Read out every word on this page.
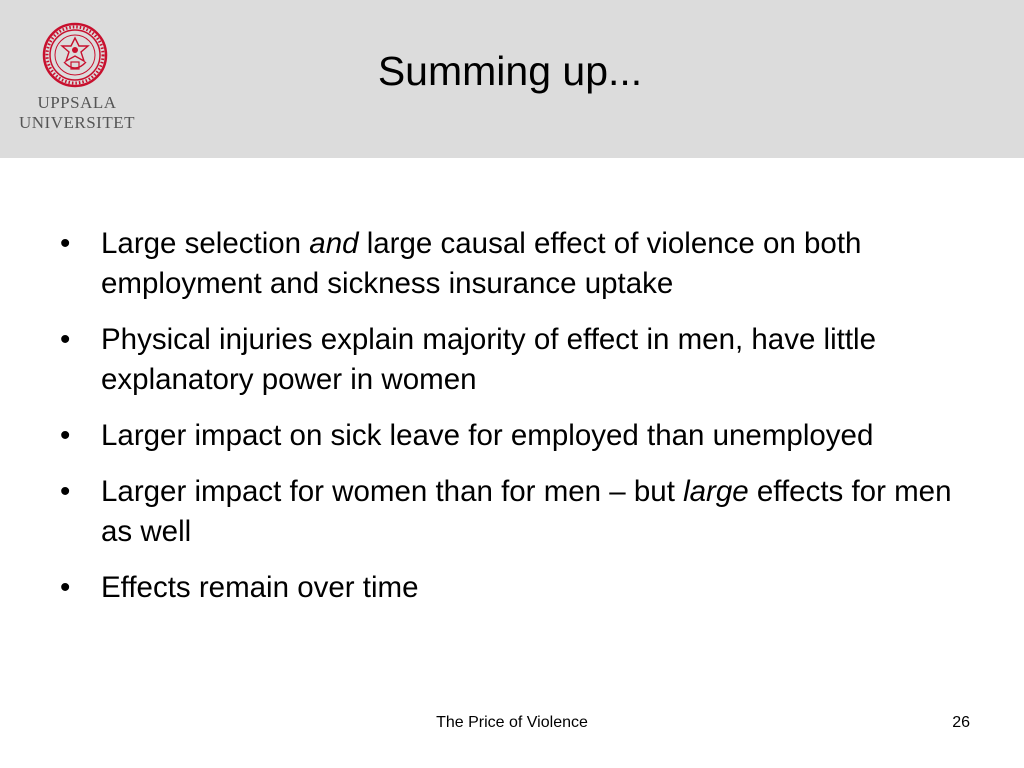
UPPSALA
UNIVERSITET
Summing up...
• Large selection and large causal effect of violence on both employment and sickness insurance uptake
• Physical injuries explain majority of effect in men, have little explanatory power in women
• Larger impact on sick leave for employed than unemployed
• Larger impact for women than for men – but large effects for men as well
• Effects remain over time
The Price of Violence	26
